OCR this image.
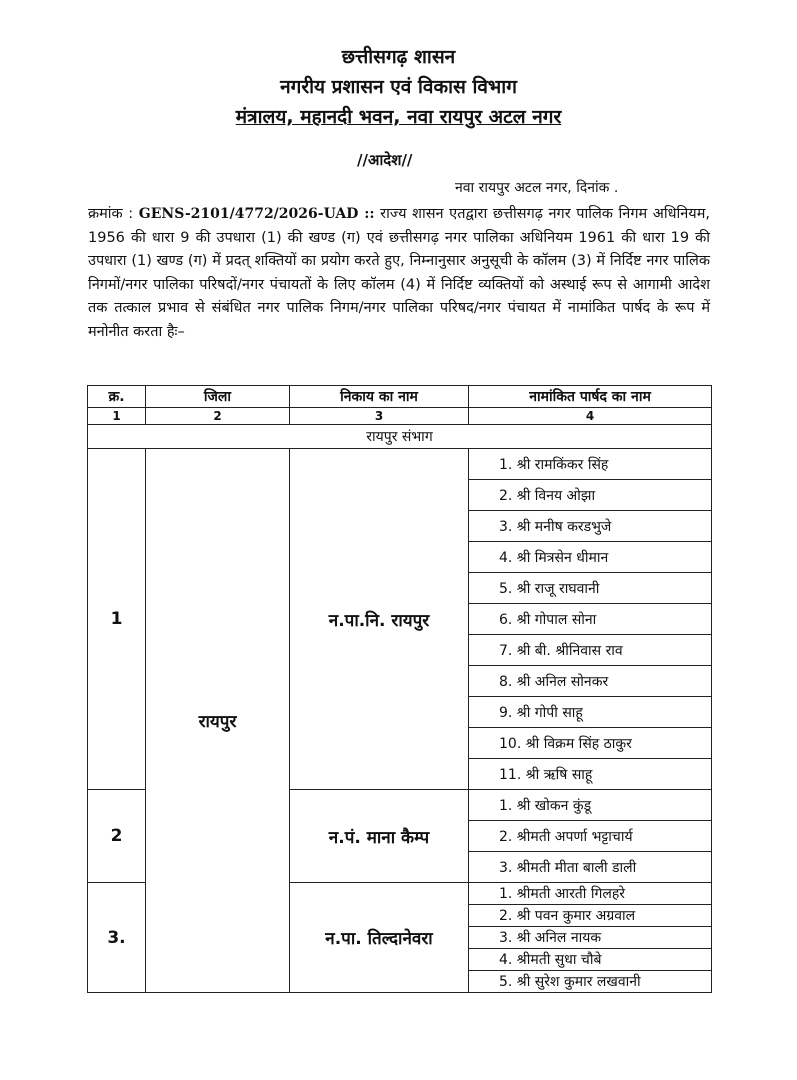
छत्तीसगढ़ शासन
नगरीय प्रशासन एवं विकास विभाग
मंत्रालय, महानदी भवन, नवा रायपुर अटल नगर
//आदेश//
नवा रायपुर अटल नगर, दिनांक .
क्रमांक : GENS-2101/4772/2026-UAD :: राज्य शासन एतद्वारा छत्तीसगढ़ नगर पालिक निगम अधिनियम, 1956 की धारा 9 की उपधारा (1) की खण्ड (ग) एवं छत्तीसगढ़ नगर पालिका अधिनियम 1961 की धारा 19 की उपधारा (1) खण्ड (ग) में प्रदत् शक्तियों का प्रयोग करते हुए, निम्नानुसार अनुसूची के कॉलम (3) में निर्दिष्ट नगर पालिक निगमों/नगर पालिका परिषदों/नगर पंचायतों के लिए कॉलम (4) में निर्दिष्ट व्यक्तियों को अस्थाई रूप से आगामी आदेश तक तत्काल प्रभाव से संबंधित नगर पालिक निगम/नगर पालिका परिषद/नगर पंचायत में नामांकित पार्षद के रूप में मनोनीत करता हैः–
क्र.	जिला	निकाय का नाम	नामांकित पार्षद का नाम
1	2	3	4
रायपुर संभाग			
1	रायपुर	न.पा.नि. रायपुर	1. श्री रामकिंकर सिंह
			2. श्री विनय ओझा
			3. श्री मनीष करडभुजे
			4. श्री मित्रसेन धीमान
			5. श्री राजू राघवानी
			6. श्री गोपाल सोना
			7. श्री बी. श्रीनिवास राव
			8. श्री अनिल सोनकर
			9. श्री गोपी साहू
			10. श्री विक्रम सिंह ठाकुर
			11. श्री ऋषि साहू
2		न.पं. माना कैम्प	1. श्री खोकन कुंडू
			2. श्रीमती अपर्णा भट्टाचार्य
			3. श्रीमती मीता बाली डाली
3.		न.पा. तिल्दानेवरा	1. श्रीमती आरती गिलहरे
			2. श्री पवन कुमार अग्रवाल
			3. श्री अनिल नायक
			4. श्रीमती सुधा चौबे
			5. श्री सुरेश कुमार लखवानी
